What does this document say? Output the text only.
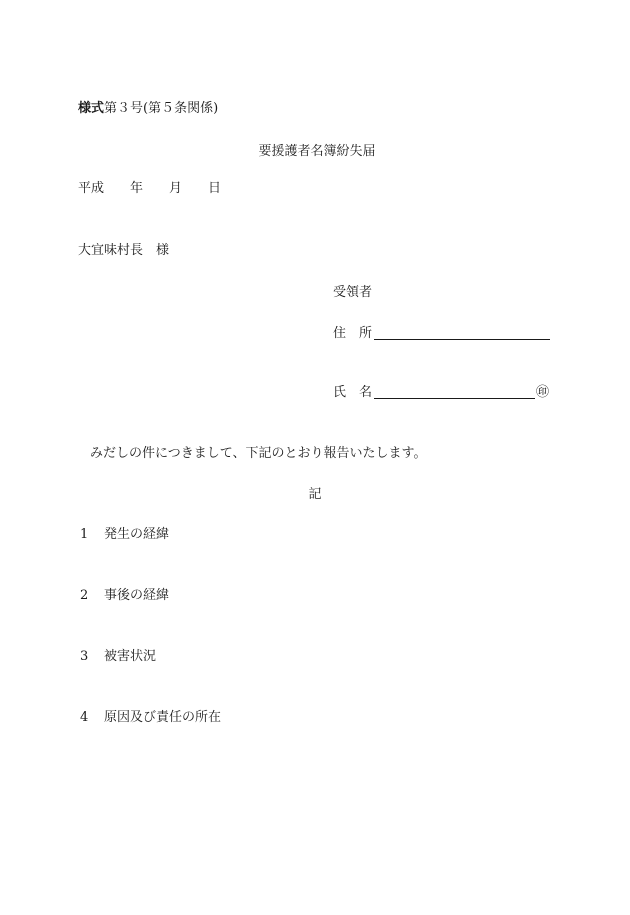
様式第３号(第５条関係)
要援護者名簿紛失届
平成 年 月 日
大宜味村長　様
受領者
住　所
氏　名	㊞
みだしの件につきまして、下記のとおり報告いたします。
記
1 発生の経緯
2 事後の経緯
3 被害状況
4 原因及び責任の所在
